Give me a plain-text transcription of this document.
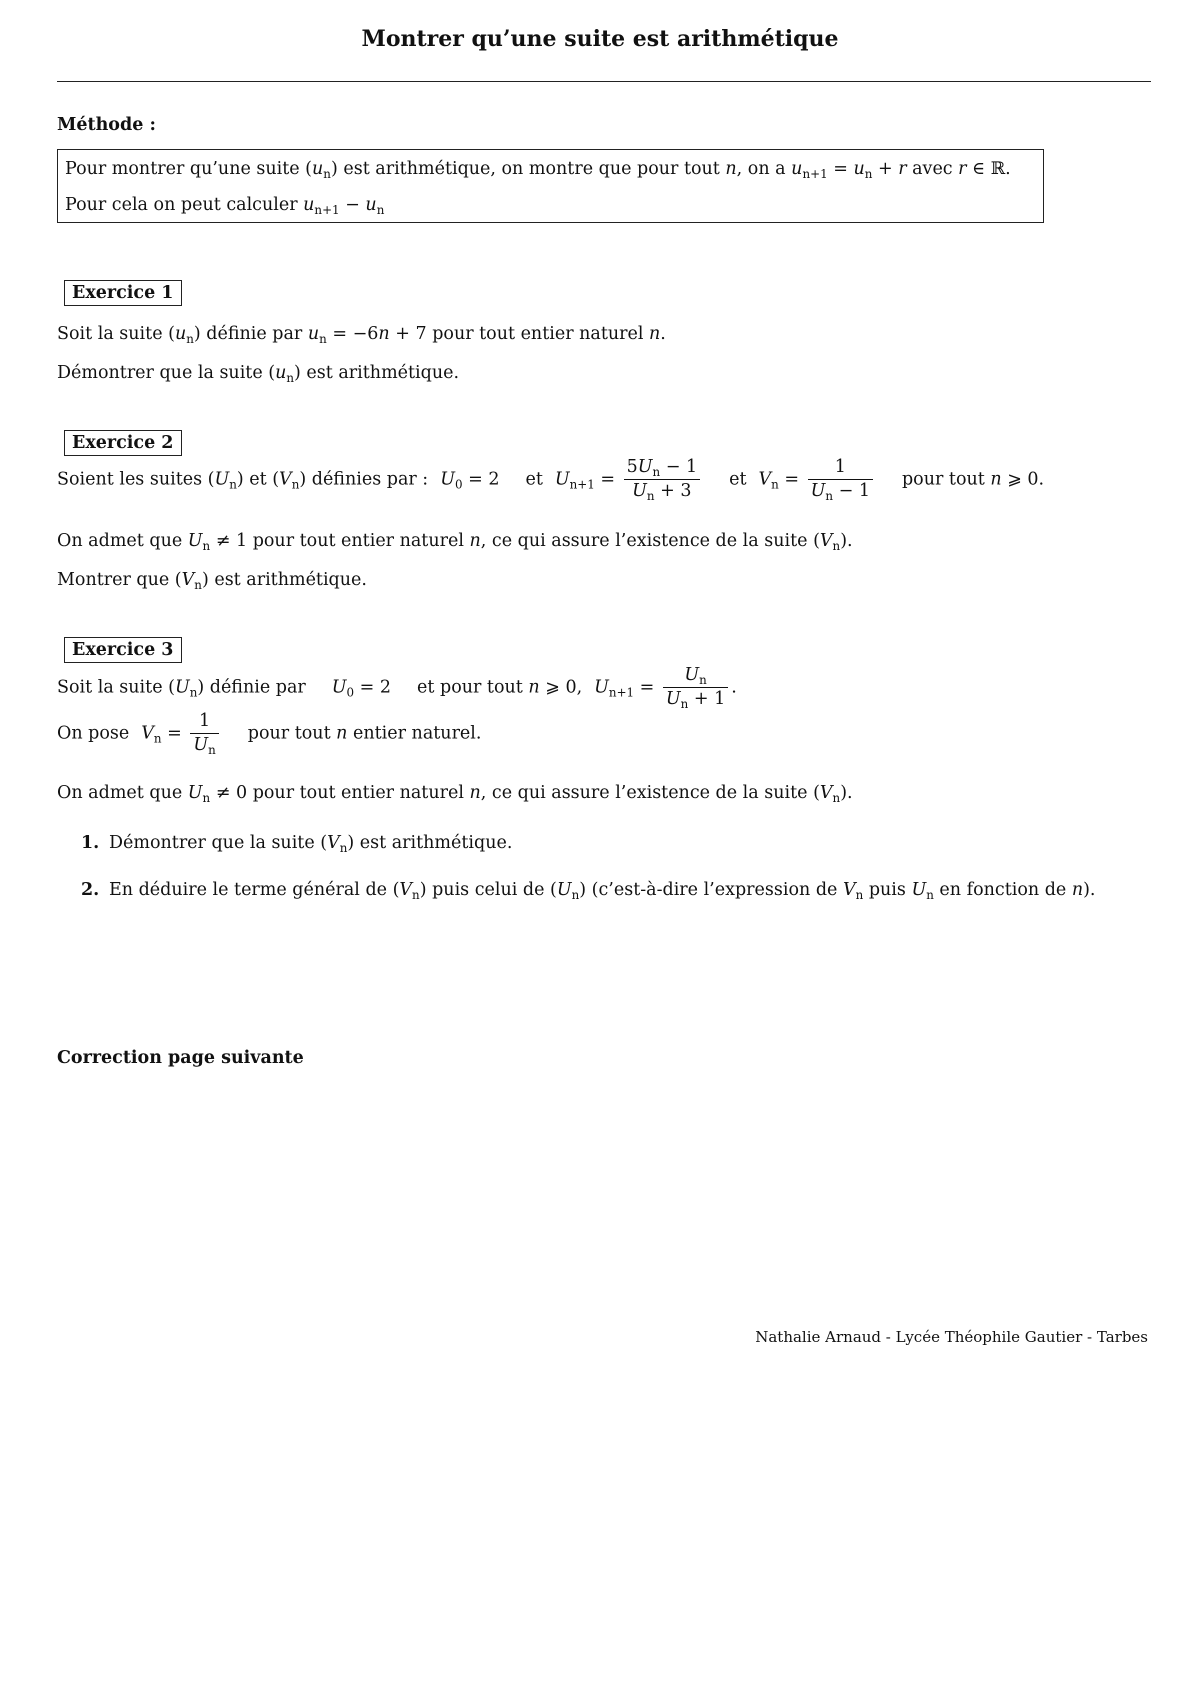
Montrer qu’une suite est arithmétique
Méthode :
Pour montrer qu’une suite $(u_n)$ est arithmétique, on montre que pour tout n, on a $u_{n+1} = u_n + r$ avec r ∈ ℝ.
Pour cela on peut calculer $u_{n+1} - u_n$
Exercice 1
Soit la suite $(u_n)$ définie par $u_n = -6n + 7$ pour tout entier naturel n.
Démontrer que la suite $(u_n)$ est arithmétique.
Exercice 2
Soient les suites $(U_n)$ et $(V_n)$ définies par : $U_0 = 2$ et $U_{n+1} = \frac{5U_n - 1}{U_n + 3}$ et $V_n = \frac{1}{U_n - 1}$ pour tout n ⩾ 0.
On admet que $U_n \ne 1$ pour tout entier naturel n, ce qui assure l’existence de la suite $(V_n)$.
Montrer que $(V_n)$ est arithmétique.
Exercice 3
Soit la suite $(U_n)$ définie par $U_0 = 2$ et pour tout n ⩾ 0, $U_{n+1} = \frac{U_n}{U_n + 1}$ .
On pose $V_n = \frac{1}{U_n}$ pour tout n entier naturel.
On admet que $U_n \ne 0$ pour tout entier naturel n, ce qui assure l’existence de la suite $(V_n)$.
1. Démontrer que la suite $(V_n)$ est arithmétique.
2. En déduire le terme général de $(V_n)$ puis celui de $(U_n)$ (c’est-à-dire l’expression de $V_n$ puis $U_n$ en fonction de n).
Correction page suivante
Nathalie Arnaud - Lycée Théophile Gautier - Tarbes
